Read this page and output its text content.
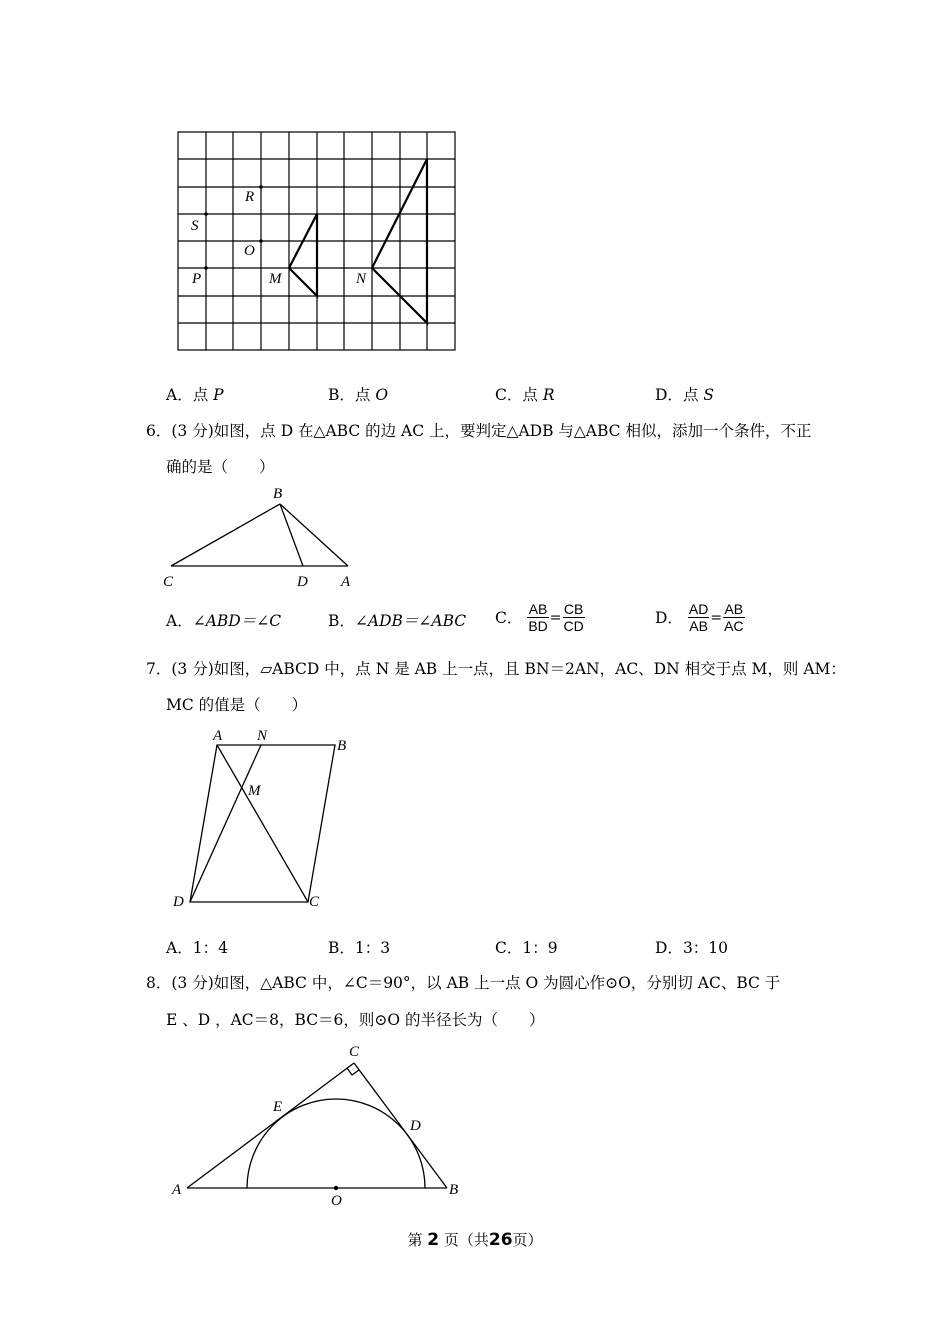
R
S
O
P	M	N
A．点 P	B．点 O	C．点 R	D．点 S
6．(3 分)如图，点 D 在△ABC 的边 AC 上，要判定△ADB 与△ABC 相似，添加一个条件，不正
确的是（　　）
B
C	D A
A．∠ABD＝∠C	B．∠ADB＝∠ABC C． $\frac{AB}{BD} = \frac{CB}{CD}$	D． $\frac{AD}{AB} = \frac{AB}{AC}$
7．(3 分)如图，▱ABCD 中，点 N 是 AB 上一点，且 BN＝2AN，AC、DN 相交于点 M，则 AM：
MC 的值是（　　）
A N
B
M
D	C
A．1：4	B．1：3	C．1：9	D．3：10
8．(3 分)如图，△ABC 中，∠C＝90°，以 AB 上一点 O 为圆心作⊙O，分别切 AC、BC 于
E 、D ，AC＝8，BC＝6，则⊙O 的半径长为（　　）
C
E
D
A
O
B
第 2 页（共26页）
